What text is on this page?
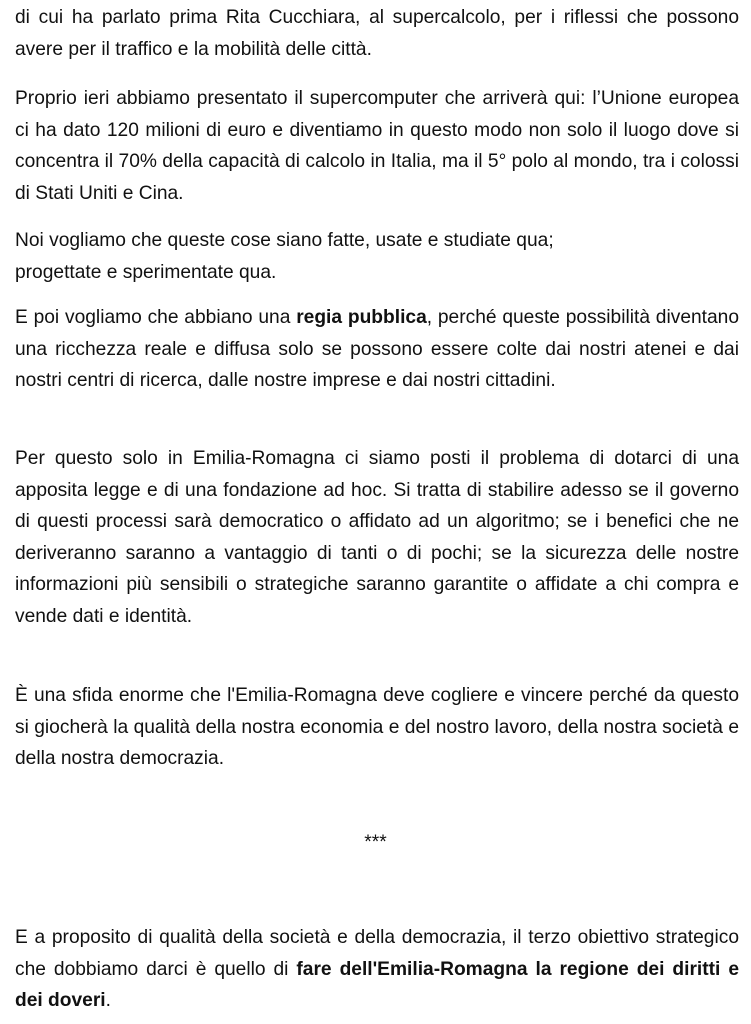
di cui ha parlato prima Rita Cucchiara, al supercalcolo, per i riflessi che possono avere per il traffico e la mobilità delle città.

Proprio ieri abbiamo presentato il supercomputer che arriverà qui: l’Unione europea ci ha dato 120 milioni di euro e diventiamo in questo modo non solo il luogo dove si concentra il 70% della capacità di calcolo in Italia, ma il 5° polo al mondo, tra i colossi di Stati Uniti e Cina.

Noi vogliamo che queste cose siano fatte, usate e studiate qua;
progettate e sperimentate qua.

E poi vogliamo che abbiano una regia pubblica, perché queste possibilità diventano una ricchezza reale e diffusa solo se possono essere colte dai nostri atenei e dai nostri centri di ricerca, dalle nostre imprese e dai nostri cittadini.

Per questo solo in Emilia-Romagna ci siamo posti il problema di dotarci di una apposita legge e di una fondazione ad hoc. Si tratta di stabilire adesso se il governo di questi processi sarà democratico o affidato ad un algoritmo; se i benefici che ne deriveranno saranno a vantaggio di tanti o di pochi; se la sicurezza delle nostre informazioni più sensibili o strategiche saranno garantite o affidate a chi compra e vende dati e identità.

È una sfida enorme che l'Emilia-Romagna deve cogliere e vincere perché da questo si giocherà la qualità della nostra economia e del nostro lavoro, della nostra società e della nostra democrazia.

***

E a proposito di qualità della società e della democrazia, il terzo obiettivo strategico che dobbiamo darci è quello di fare dell'Emilia-Romagna la regione dei diritti e dei doveri.
